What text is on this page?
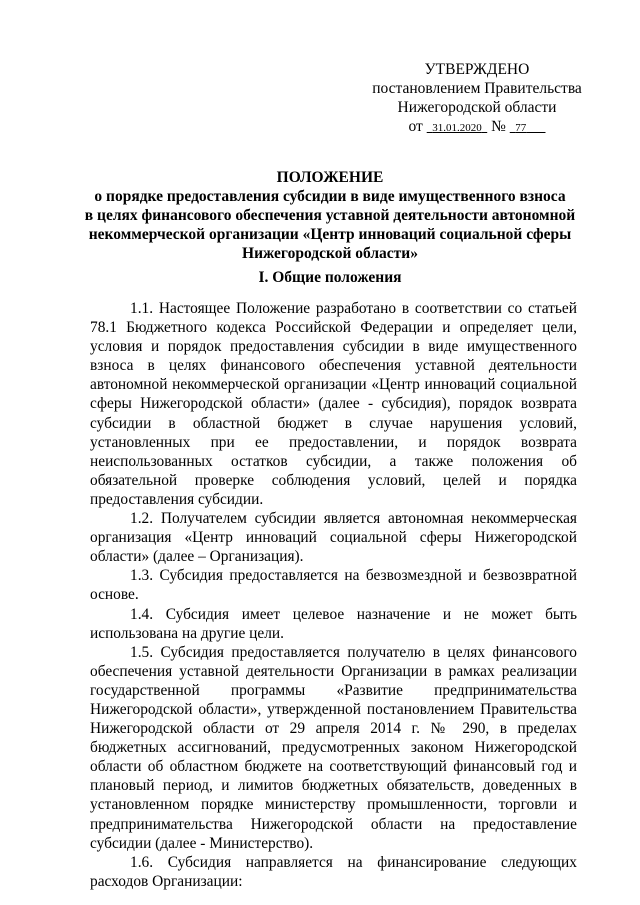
УТВЕРЖДЕНО
постановлением Правительства
Нижегородской области
от 31.01.2020 № 77
ПОЛОЖЕНИЕ
о порядке предоставления субсидии в виде имущественного взноса
в целях финансового обеспечения уставной деятельности автономной
некоммерческой организации «Центр инноваций социальной сферы
Нижегородской области»
I. Общие положения

1.1. Настоящее Положение разработано в соответствии со статьей 78.1 Бюджетного кодекса Российской Федерации и определяет цели, условия и порядок предоставления субсидии в виде имущественного взноса в целях финансового обеспечения уставной деятельности автономной некоммерческой организации «Центр инноваций социальной сферы Нижегородской области» (далее - субсидия), порядок возврата субсидии в областной бюджет в случае нарушения условий, установленных при ее предоставлении, и порядок возврата неиспользованных остатков субсидии, а также положения об обязательной проверке соблюдения условий, целей и порядка предоставления субсидии.

1.2. Получателем субсидии является автономная некоммерческая организация «Центр инноваций социальной сферы Нижегородской области» (далее – Организация).

1.3. Субсидия предоставляется на безвозмездной и безвозвратной основе.

1.4. Субсидия имеет целевое назначение и не может быть использована на другие цели.

1.5. Субсидия предоставляется получателю в целях финансового обеспечения уставной деятельности Организации в рамках реализации государственной программы «Развитие предпринимательства Нижегородской области», утвержденной постановлением Правительства Нижегородской области от 29 апреля 2014 г. № 290, в пределах бюджетных ассигнований, предусмотренных законом Нижегородской области об областном бюджете на соответствующий финансовый год и плановый период, и лимитов бюджетных обязательств, доведенных в установленном порядке министерству промышленности, торговли и предпринимательства Нижегородской области на предоставление субсидии (далее - Министерство).

1.6. Субсидия направляется на финансирование следующих расходов Организации:
